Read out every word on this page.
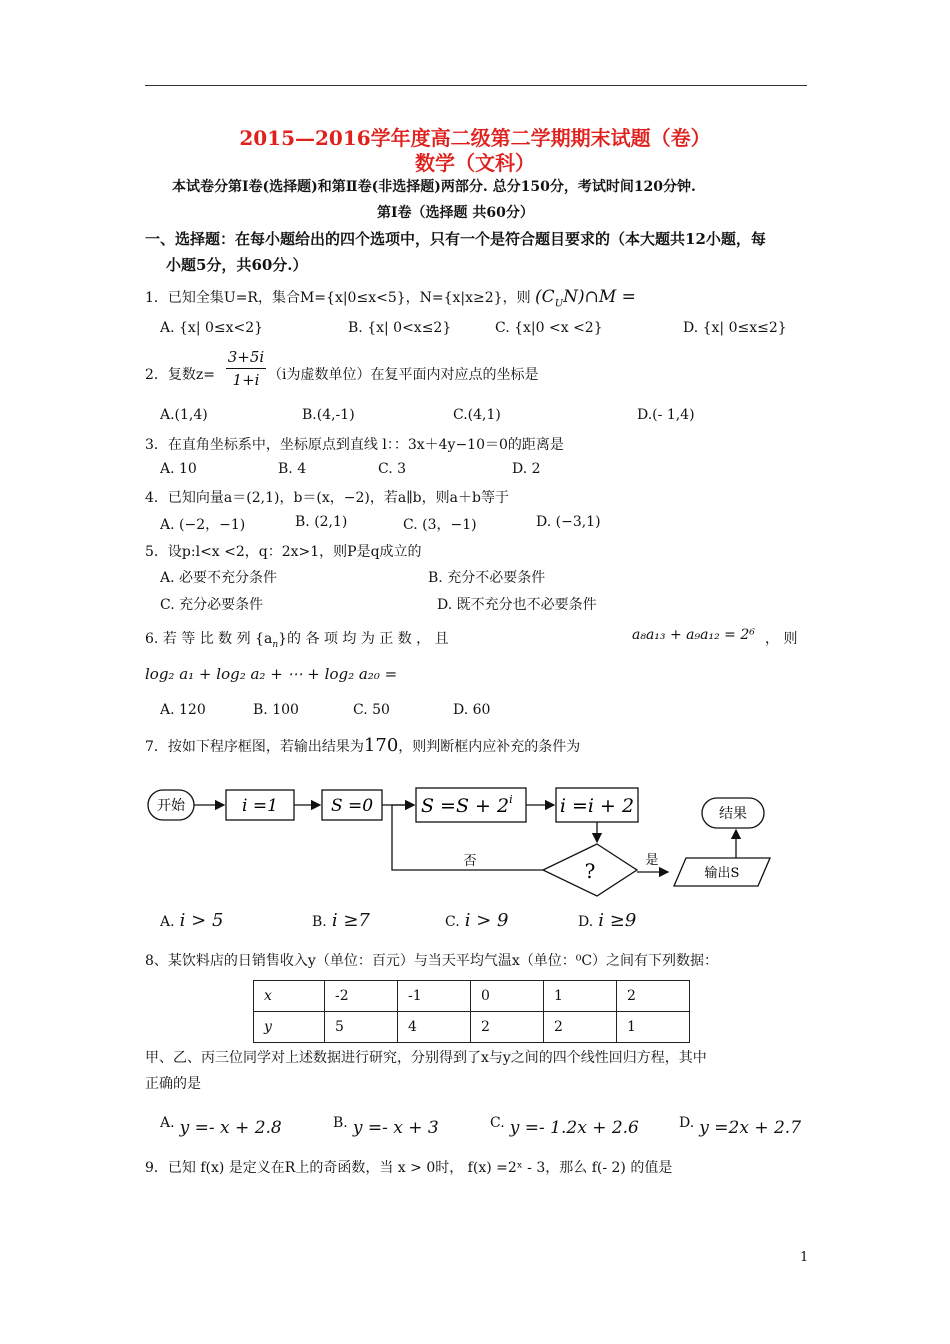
2015—2016学年度高二级第二学期期末试题（卷）
数学（文科）
本试卷分第Ⅰ卷(选择题)和第Ⅱ卷(非选择题)两部分. 总分150分，考试时间120分钟.
第Ⅰ卷（选择题 共60分）
一、选择题：在每小题给出的四个选项中，只有一个是符合题目要求的（本大题共12小题，每
小题5分，共60分.）
1．已知全集U=R，集合M={x|0≤x<5}，N={x|x≥2}，则 $(C_UN)\cap M$ =
A. {x| 0≤x<2}	B. {x| 0<x≤2}	C. {x|0 <x <2}	D. {x| 0≤x≤2}
2．复数$z= \frac{3+5i}{1+i} (i$为虚数单位）在复平面内对应点的坐标是
A.(1,4)	B.(4,-1)	C.(4,1)	D.(- 1,4)
3．在直角坐标系中，坐标原点到直线 l：：3x＋4y−10＝0的距离是
A. 10	B. 4	C. 3	D. 2
4．已知向量a＝(2,1)，b＝(x，−2)，若a∥b，则a＋b等于
A. (−2，−1)	B. (2,1)	C. (3，−1)	D. (−3,1)
5．设p:l<x <2，q：2x>1，则P是q成立的
A. 必要不充分条件	B. 充分不必要条件
C. 充分必要条件	D. 既不充分也不必要条件
6. 若 等 比 数 列 $\{a_n\}$的 各 项 均 为 正 数 ， 且	a₈a₁₃ + a₉a₁₂ = 2⁶ ， 则
log₂ a₁ + log₂ a₂ + ⋯ + log₂ a₂₀ =
A. 120	B. 100	C. 50	D. 60
7．按如下程序框图，若输出结果为170，则判断框内应补充的条件为
开始	i =1	S =0	$S =S + 2^i$ i =i + 2
?
否	是
输出S
结果
A. i > 5	B. i ≥7	C. i > 9	D. i ≥9
8、某饮料店的日销售收入y（单位：百元）与当天平均气温x（单位：⁰C）之间有下列数据：
x	-2	-1	0	1	2
y	5	4	2	2	1
甲、乙、丙三位同学对上述数据进行研究，分别得到了x与y之间的四个线性回归方程，其中
正确的是
A. y =- x + 2.8	B. y =- x + 3	C. y =- 1.2x + 2.6	D. y =2x + 2.7
9．已知 f(x) 是定义在R上的奇函数，当 x > 0时， f(x) =2ˣ - 3，那么 f(- 2) 的值是
1
